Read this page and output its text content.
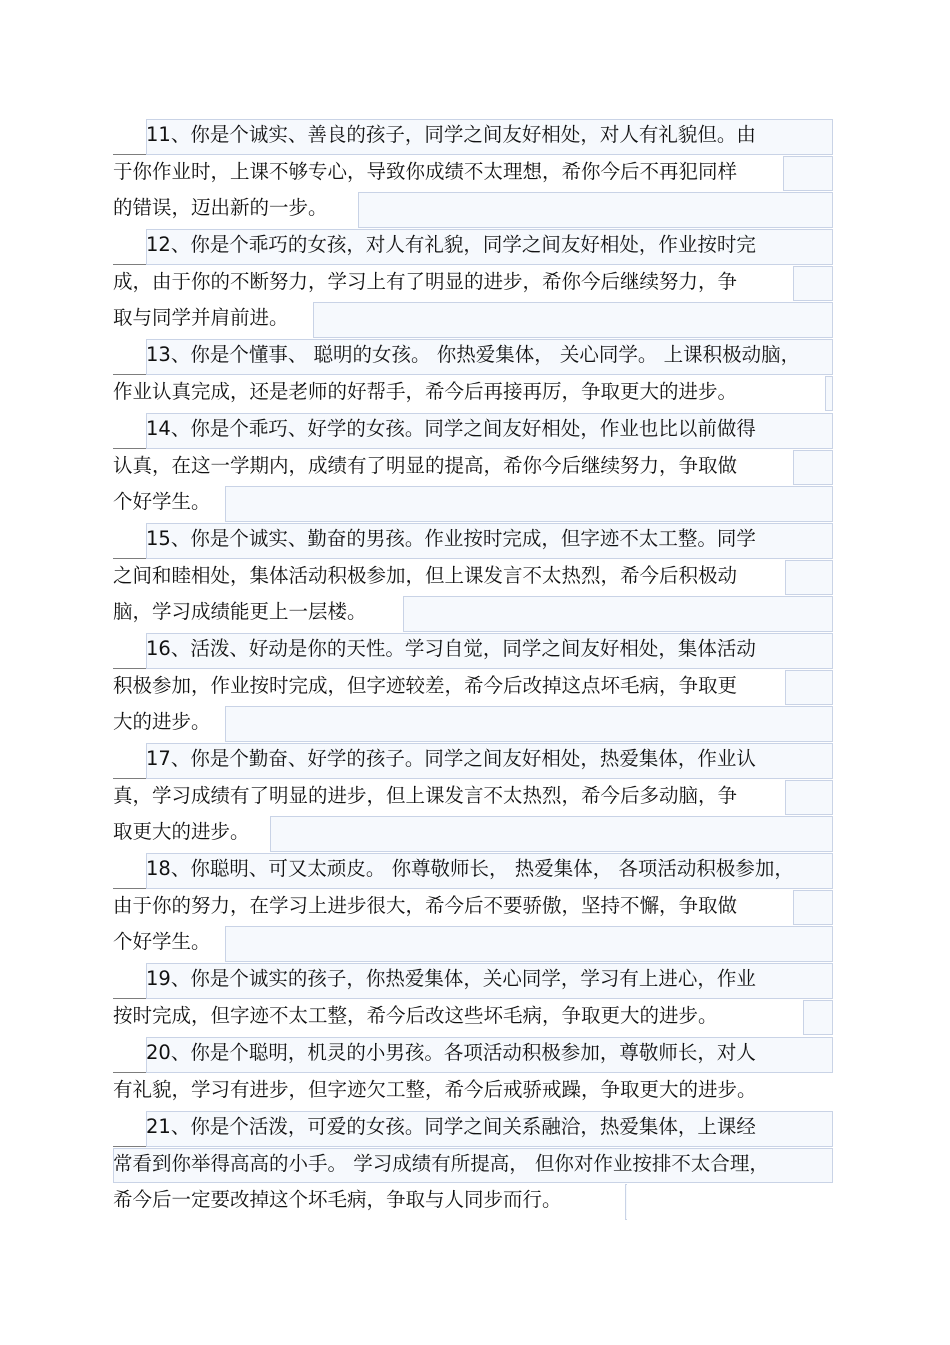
11、你是个诚实、善良的孩子，同学之间友好相处，对人有礼貌但。由
于你作业时，上课不够专心，导致你成绩不太理想，希你今后不再犯同样
的错误，迈出新的一步。
12、你是个乖巧的女孩，对人有礼貌，同学之间友好相处，作业按时完
成，由于你的不断努力，学习上有了明显的进步，希你今后继续努力，争
取与同学并肩前进。
13、你是个懂事、 聪明的女孩。 你热爱集体， 关心同学。 上课积极动脑，
作业认真完成，还是老师的好帮手，希今后再接再厉，争取更大的进步。
14、你是个乖巧、好学的女孩。同学之间友好相处，作业也比以前做得
认真，在这一学期内，成绩有了明显的提高，希你今后继续努力，争取做
个好学生。
15、你是个诚实、勤奋的男孩。作业按时完成，但字迹不太工整。同学
之间和睦相处，集体活动积极参加，但上课发言不太热烈，希今后积极动
脑，学习成绩能更上一层楼。
16、活泼、好动是你的天性。学习自觉，同学之间友好相处，集体活动
积极参加，作业按时完成，但字迹较差，希今后改掉这点坏毛病，争取更
大的进步。
17、你是个勤奋、好学的孩子。同学之间友好相处，热爱集体，作业认
真，学习成绩有了明显的进步，但上课发言不太热烈，希今后多动脑，争
取更大的进步。
18、你聪明、可又太顽皮。 你尊敬师长， 热爱集体， 各项活动积极参加，
由于你的努力，在学习上进步很大，希今后不要骄傲，坚持不懈，争取做
个好学生。
19、你是个诚实的孩子，你热爱集体，关心同学，学习有上进心，作业
按时完成，但字迹不太工整，希今后改这些坏毛病，争取更大的进步。
20、你是个聪明，机灵的小男孩。各项活动积极参加，尊敬师长，对人
有礼貌，学习有进步，但字迹欠工整，希今后戒骄戒躁，争取更大的进步。
21、你是个活泼，可爱的女孩。同学之间关系融洽，热爱集体，上课经
常看到你举得高高的小手。 学习成绩有所提高， 但你对作业按排不太合理，
希今后一定要改掉这个坏毛病，争取与人同步而行。
